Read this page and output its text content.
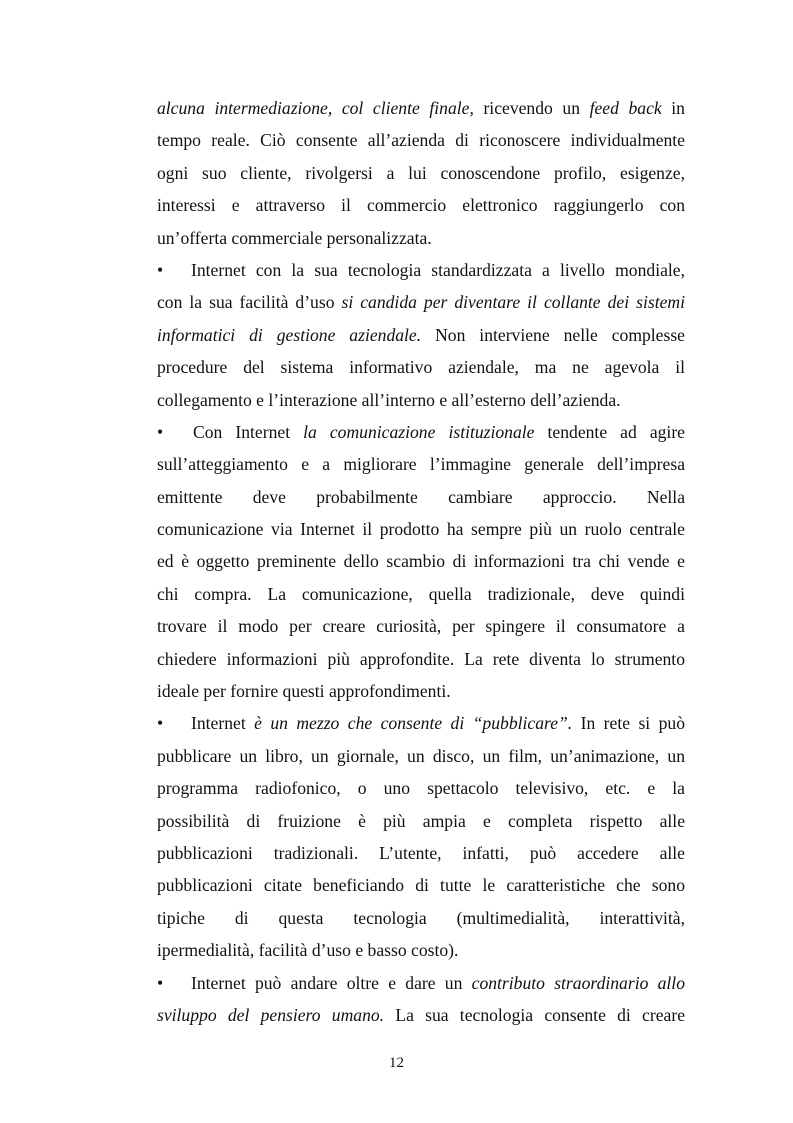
alcuna intermediazione, col cliente finale, ricevendo un feed back in
tempo reale. Ciò consente all’azienda di riconoscere individualmente
ogni suo cliente, rivolgersi a lui conoscendone profilo, esigenze,
interessi e attraverso il commercio elettronico raggiungerlo con
un’offerta commerciale personalizzata.
• Internet con la sua tecnologia standardizzata a livello mondiale,
con la sua facilità d’uso si candida per diventare il collante dei sistemi
informatici di gestione aziendale. Non interviene nelle complesse
procedure del sistema informativo aziendale, ma ne agevola il
collegamento e l’interazione all’interno e all’esterno dell’azienda.
• Con Internet la comunicazione istituzionale tendente ad agire
sull’atteggiamento e a migliorare l’immagine generale dell’impresa
emittente deve probabilmente cambiare approccio. Nella
comunicazione via Internet il prodotto ha sempre più un ruolo centrale
ed è oggetto preminente dello scambio di informazioni tra chi vende e
chi compra. La comunicazione, quella tradizionale, deve quindi
trovare il modo per creare curiosità, per spingere il consumatore a
chiedere informazioni più approfondite. La rete diventa lo strumento
ideale per fornire questi approfondimenti.
• Internet è un mezzo che consente di “pubblicare”. In rete si può
pubblicare un libro, un giornale, un disco, un film, un’animazione, un
programma radiofonico, o uno spettacolo televisivo, etc. e la
possibilità di fruizione è più ampia e completa rispetto alle
pubblicazioni tradizionali. L’utente, infatti, può accedere alle
pubblicazioni citate beneficiando di tutte le caratteristiche che sono
tipiche di questa tecnologia (multimedialità, interattività,
ipermedialità, facilità d’uso e basso costo).
• Internet può andare oltre e dare un contributo straordinario allo
sviluppo del pensiero umano. La sua tecnologia consente di creare
12
